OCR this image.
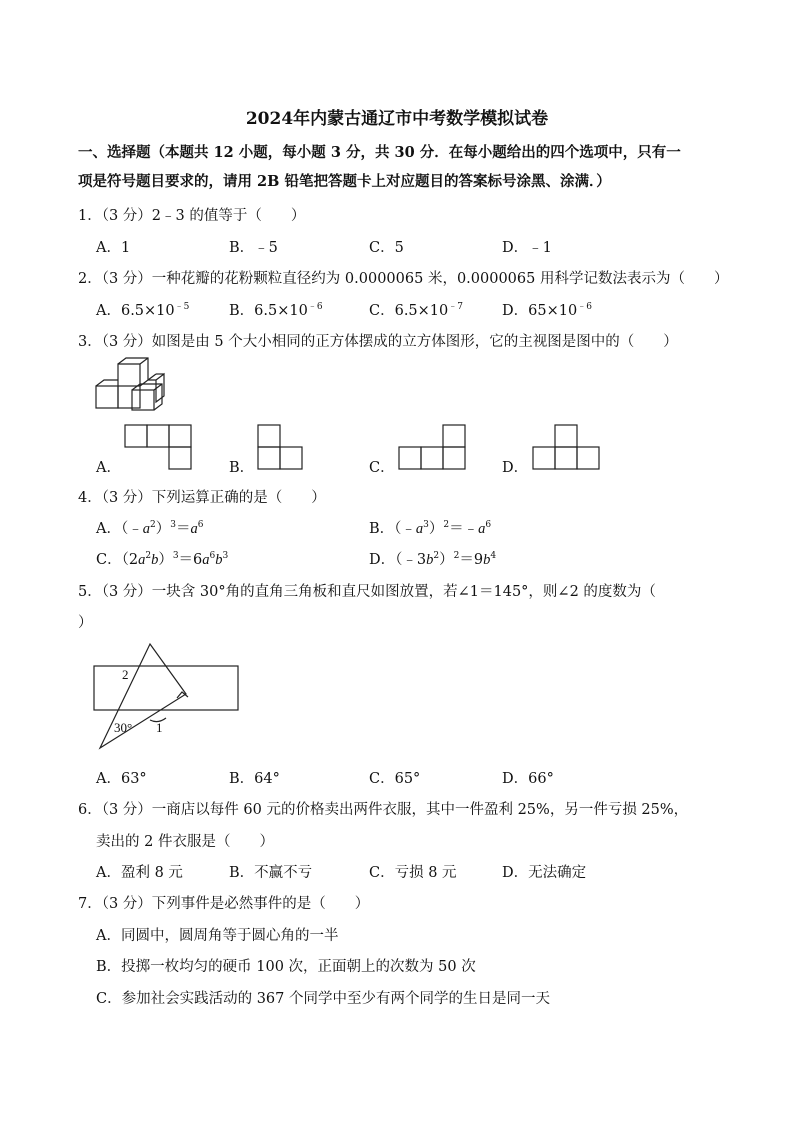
2024年内蒙古通辽市中考数学模拟试卷
一、选择题（本题共 12 小题，每小题 3 分，共 30 分．在每小题给出的四个选项中，只有一
项是符号题目要求的，请用 2B 铅笔把答题卡上对应题目的答案标号涂黑、涂满．）
1．（3 分）2﹣3 的值等于（　　）
A．1	B．﹣5	C．5	D．﹣1
2．（3 分）一种花瓣的花粉颗粒直径约为 0.0000065 米，0.0000065 用科学记数法表示为（　　）
A．$6.5\times 10^{﹣5}$	B．$6.5\times 10^{﹣6}$	C．$6.5\times 10^{﹣7}$	D．$65\times 10^{﹣6}$
3．（3 分）如图是由 5 个大小相同的正方体摆成的立方体图形，它的主视图是图中的（　　）
A．	B．	C．	D．
4．（3 分）下列运算正确的是（　　）
A．$(﹣a^2)^3=a^6$	B．$(﹣a^3)^2=﹣a^6$
C．$(2a^2b)^3=6a^6b^3$	D．$(﹣3b^2)^2=9b^4$
5．（3 分）一块含 30°角的直角三角板和直尺如图放置，若∠1＝145°，则∠2 的度数为（
）
2
1
30°
A．63°	B．64°	C．65°	D．66°
6．（3 分）一商店以每件 60 元的价格卖出两件衣服，其中一件盈利 25%，另一件亏损 25%，
卖出的 2 件衣服是（　　）
A．盈利 8 元	B．不赢不亏	C．亏损 8 元	D．无法确定
7．（3 分）下列事件是必然事件的是（　　）
A．同圆中，圆周角等于圆心角的一半
B．投掷一枚均匀的硬币 100 次，正面朝上的次数为 50 次
C．参加社会实践活动的 367 个同学中至少有两个同学的生日是同一天
